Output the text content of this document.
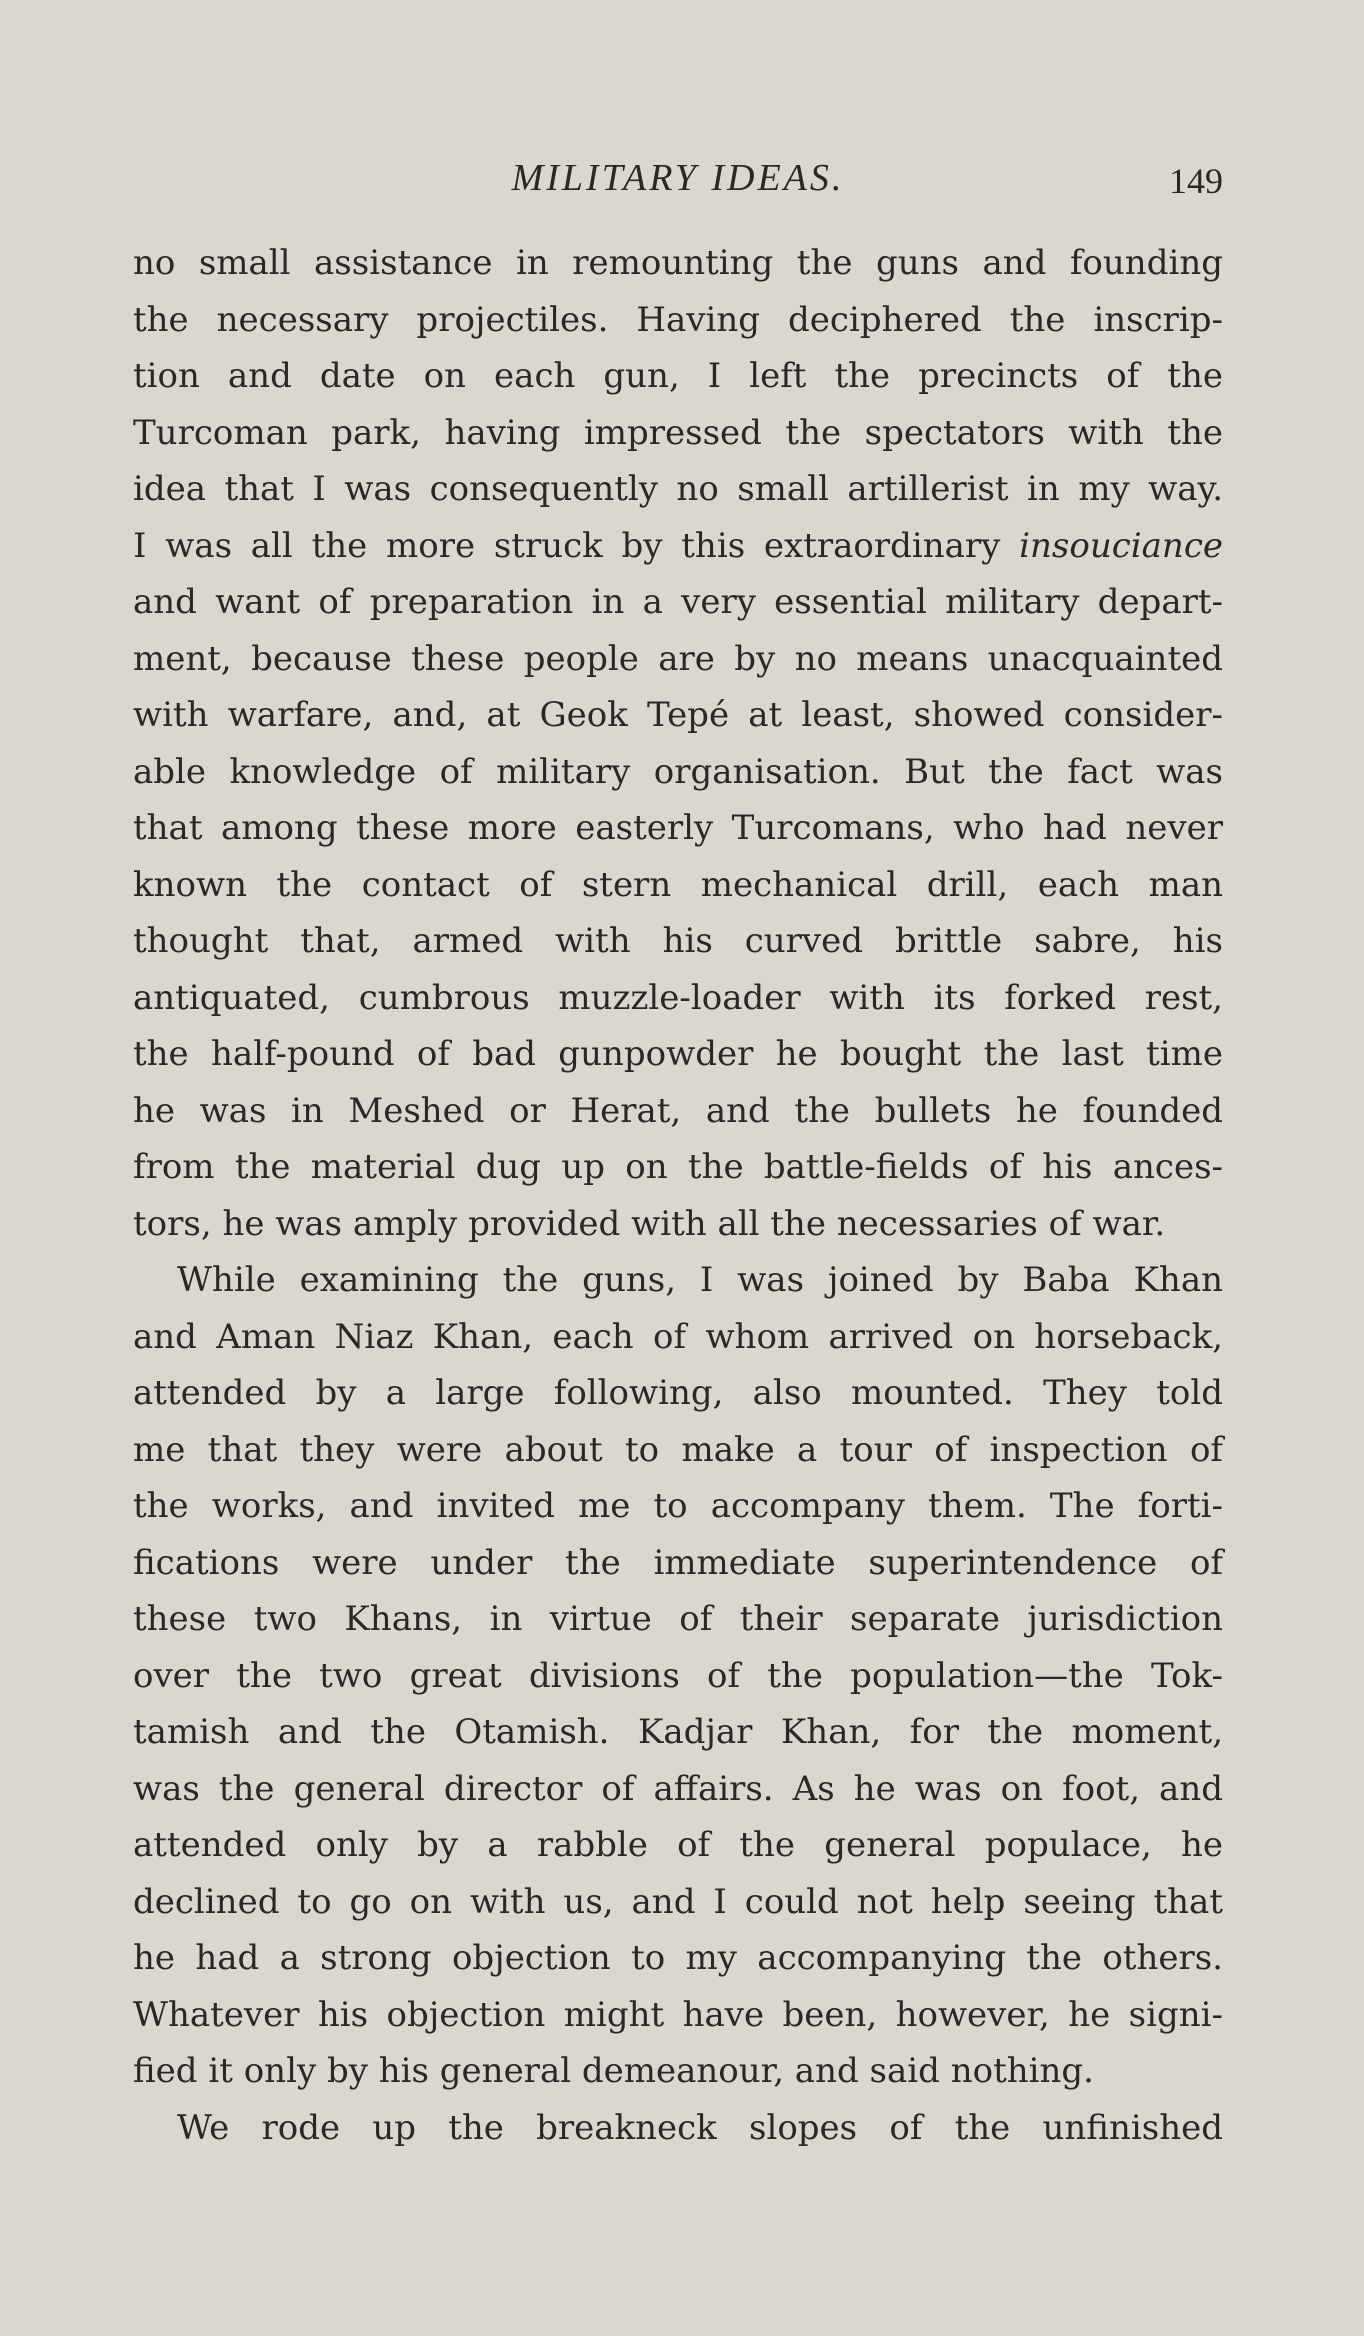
MILITARY IDEAS.	149
no small assistance in remounting the guns and founding
the necessary projectiles. Having deciphered the inscrip-
tion and date on each gun, I left the precincts of the
Turcoman park, having impressed the spectators with the
idea that I was consequently no small artillerist in my way.
I was all the more struck by this extraordinary insouciance
and want of preparation in a very essential military depart-
ment, because these people are by no means unacquainted
with warfare, and, at Geok Tepé at least, showed consider-
able knowledge of military organisation. But the fact was
that among these more easterly Turcomans, who had never
known the contact of stern mechanical drill, each man
thought that, armed with his curved brittle sabre, his
antiquated, cumbrous muzzle-loader with its forked rest,
the half-pound of bad gunpowder he bought the last time
he was in Meshed or Herat, and the bullets he founded
from the material dug up on the battle-fields of his ances-
tors, he was amply provided with all the necessaries of war.
While examining the guns, I was joined by Baba Khan
and Aman Niaz Khan, each of whom arrived on horseback,
attended by a large following, also mounted. They told
me that they were about to make a tour of inspection of
the works, and invited me to accompany them. The forti-
fications were under the immediate superintendence of
these two Khans, in virtue of their separate jurisdiction
over the two great divisions of the population—the Tok-
tamish and the Otamish. Kadjar Khan, for the moment,
was the general director of affairs. As he was on foot, and
attended only by a rabble of the general populace, he
declined to go on with us, and I could not help seeing that
he had a strong objection to my accompanying the others.
Whatever his objection might have been, however, he signi-
fied it only by his general demeanour, and said nothing.
We rode up the breakneck slopes of the unfinished
